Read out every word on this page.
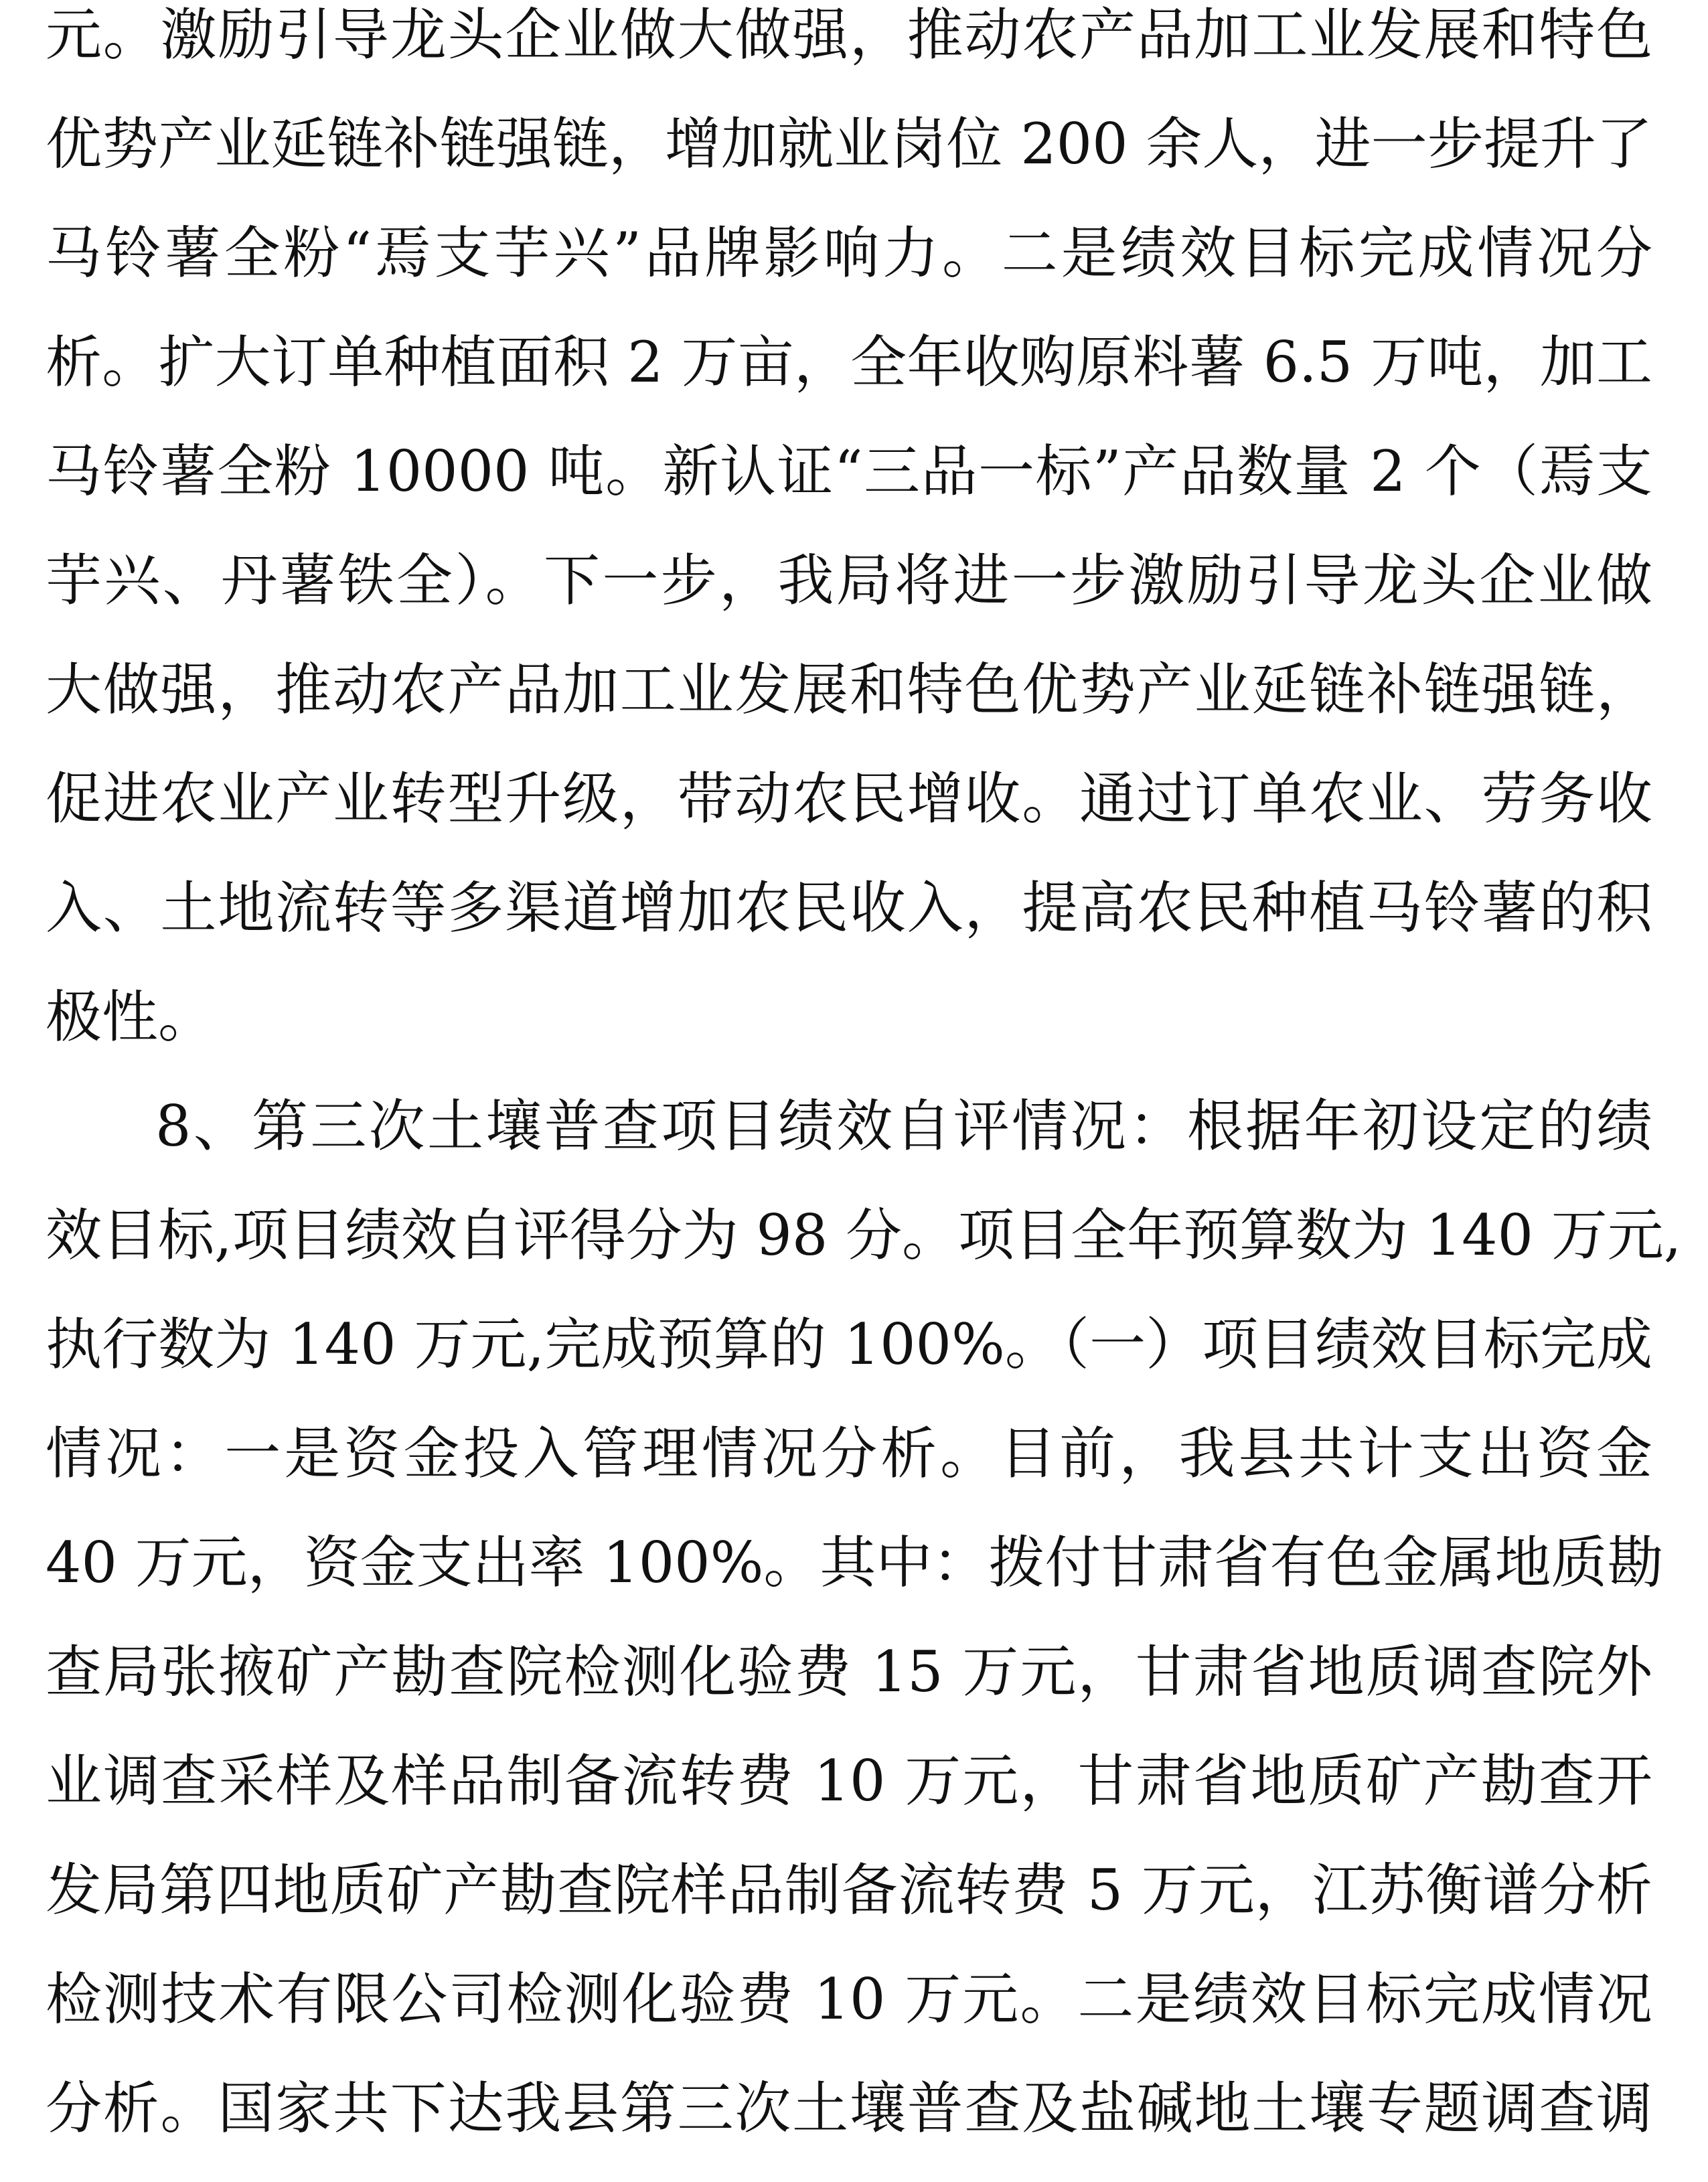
元。激励引导龙头企业做大做强，推动农产品加工业发展和特色

优势产业延链补链强链，增加就业岗位 200 余人，进一步提升了

马铃薯全粉“焉支芋兴”品牌影响力。二是绩效目标完成情况分

析。扩大订单种植面积 2 万亩，全年收购原料薯 6.5 万吨，加工

马铃薯全粉 10000 吨。新认证“三品一标”产品数量 2 个（焉支

芋兴、丹薯铁全）。下一步，我局将进一步激励引导龙头企业做

大做强，推动农产品加工业发展和特色优势产业延链补链强链，

促进农业产业转型升级，带动农民增收。通过订单农业、劳务收

入、土地流转等多渠道增加农民收入，提高农民种植马铃薯的积

极性。

8、第三次土壤普查项目绩效自评情况：根据年初设定的绩

效目标,项目绩效自评得分为 98 分。项目全年预算数为 140 万元,

执行数为 140 万元,完成预算的 100%。（一）项目绩效目标完成

情况：一是资金投入管理情况分析。目前，我县共计支出资金

40 万元，资金支出率 100%。其中：拨付甘肃省有色金属地质勘

查局张掖矿产勘查院检测化验费 15 万元，甘肃省地质调查院外

业调查采样及样品制备流转费 10 万元，甘肃省地质矿产勘查开

发局第四地质矿产勘查院样品制备流转费 5 万元，江苏衡谱分析

检测技术有限公司检测化验费 10 万元。二是绩效目标完成情况

分析。国家共下达我县第三次土壤普查及盐碱地土壤专题调查调
